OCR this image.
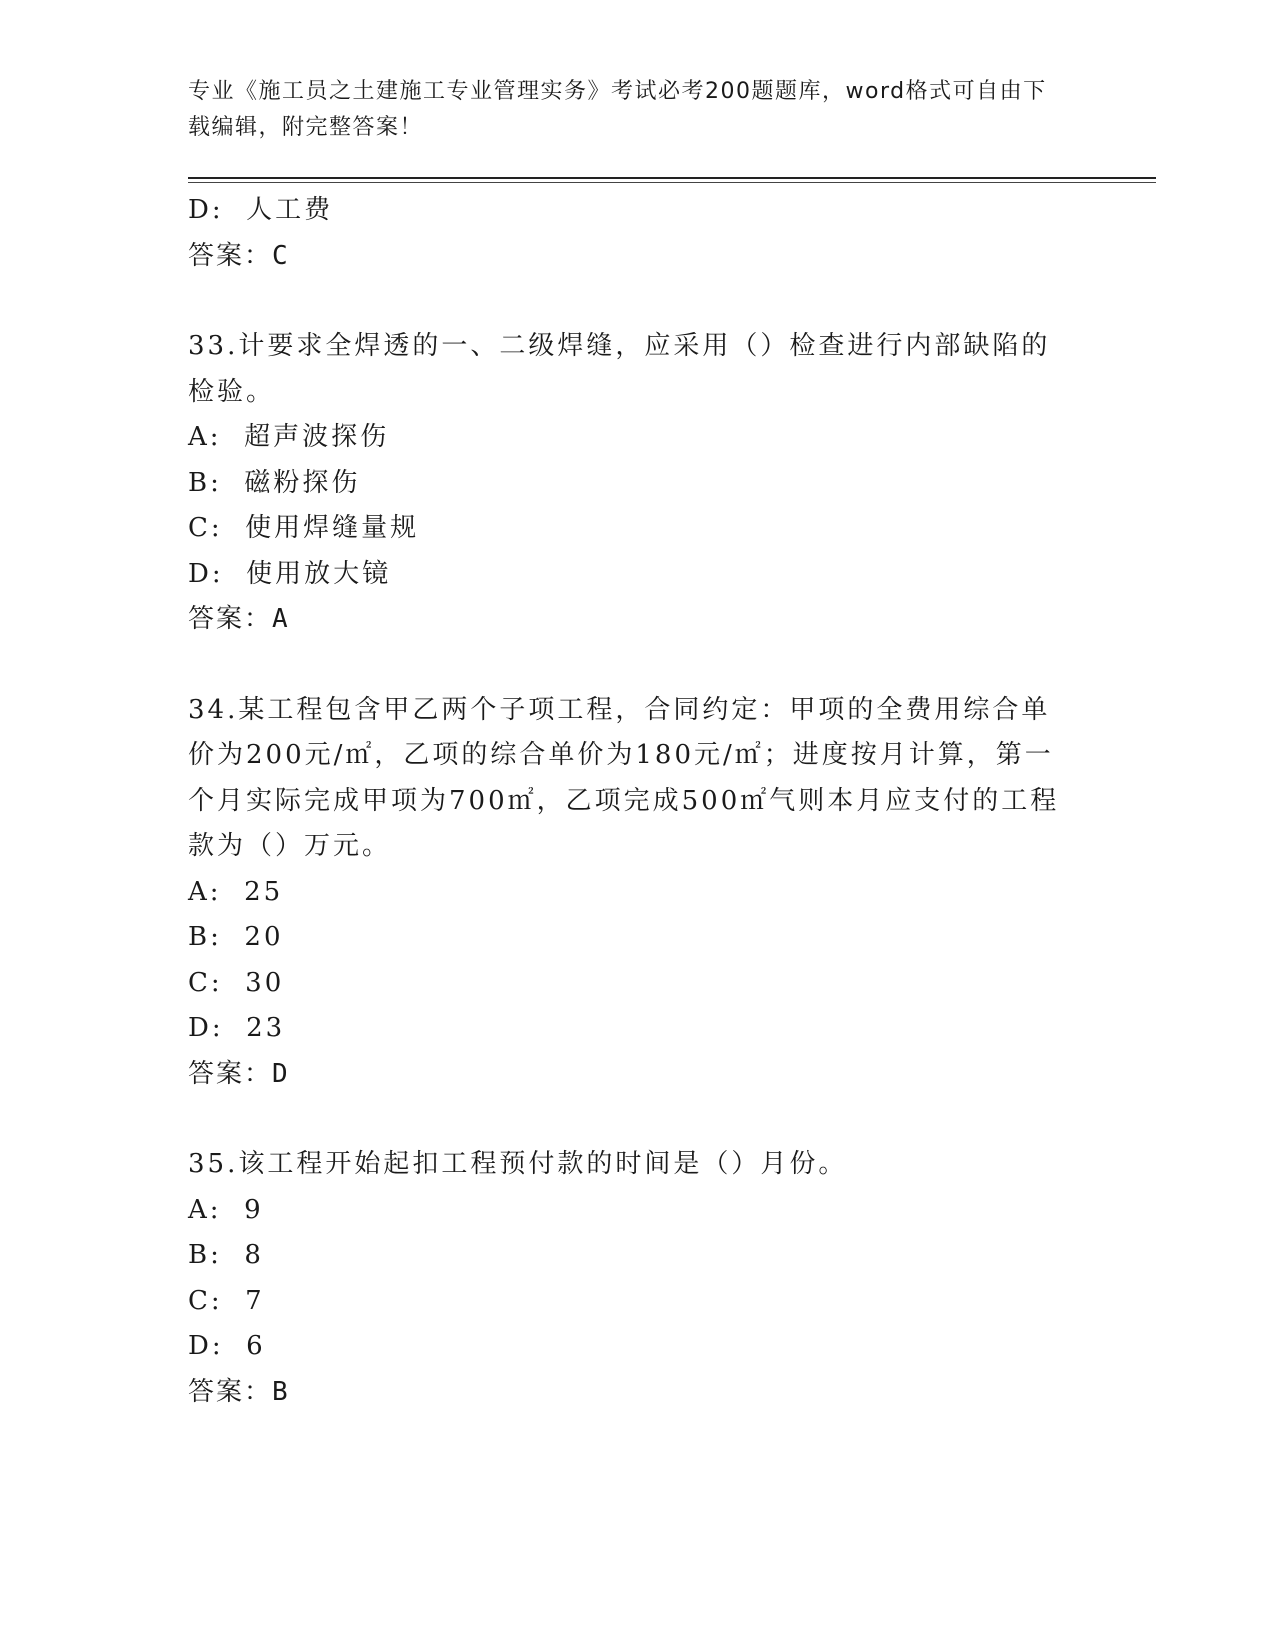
专业《施工员之土建施工专业管理实务》考试必考200题题库，word格式可自由下载编辑，附完整答案！
D:  人工费
答案：C
33.计要求全焊透的一、二级焊缝，应采用（）检查进行内部缺陷的检验。
A:  超声波探伤
B:  磁粉探伤
C:  使用焊缝量规
D:  使用放大镜
答案：A
34.某工程包含甲乙两个子项工程，合同约定：甲项的全费用综合单价为200元/㎡，乙项的综合单价为180元/㎡；进度按月计算，第一个月实际完成甲项为700㎡，乙项完成500㎡气则本月应支付的工程款为（）万元。
A:  25
B:  20
C:  30
D:  23
答案：D
35.该工程开始起扣工程预付款的时间是（）月份。
A:  9
B:  8
C:  7
D:  6
答案：B
